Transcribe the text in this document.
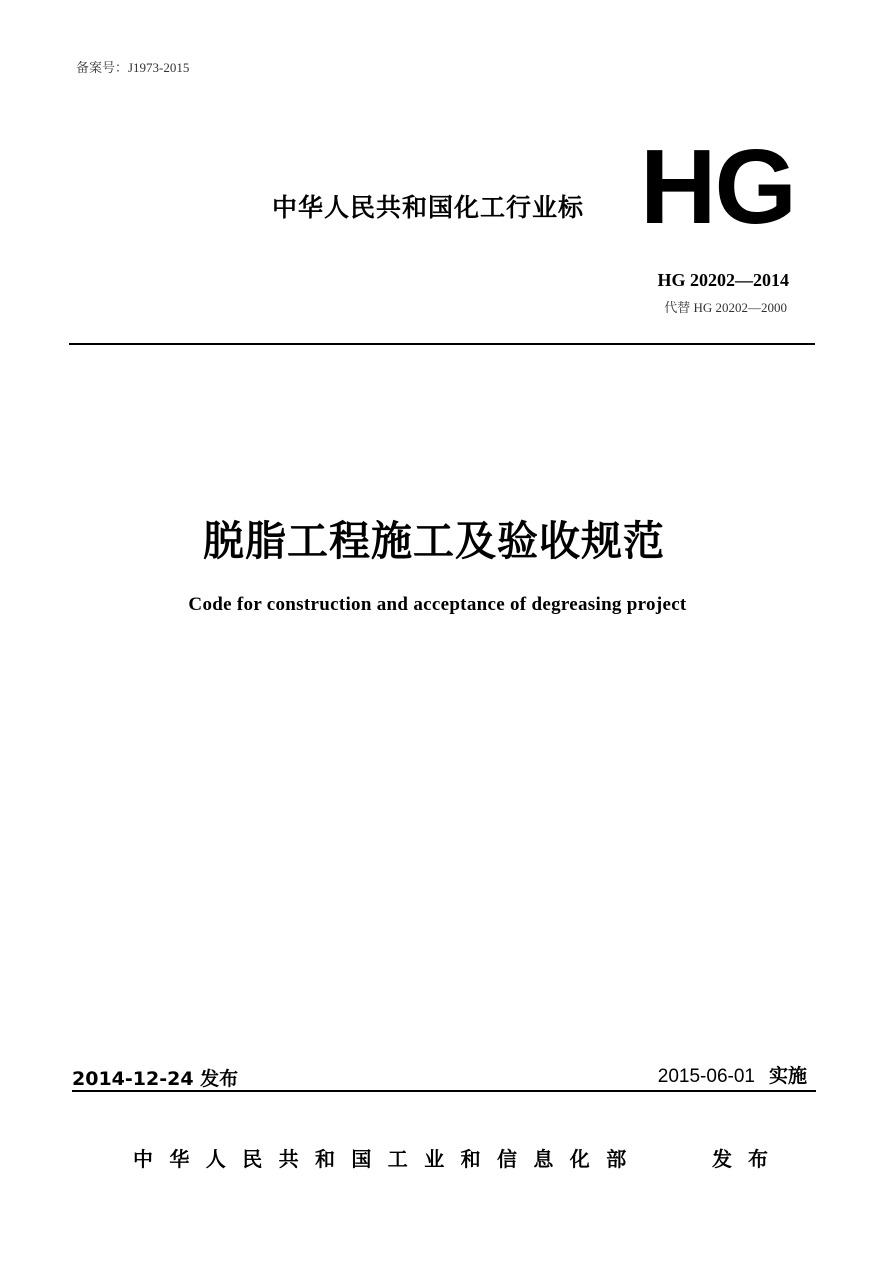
备案号：J1973-2015
中华人民共和国化工行业标 HG
HG 20202—2014
代替 HG 20202—2000
脱脂工程施工及验收规范
Code for construction and acceptance of degreasing project
2014-12-24 发布	2015-06-01 实施
中华人民共和国工业和信息化部	发布
